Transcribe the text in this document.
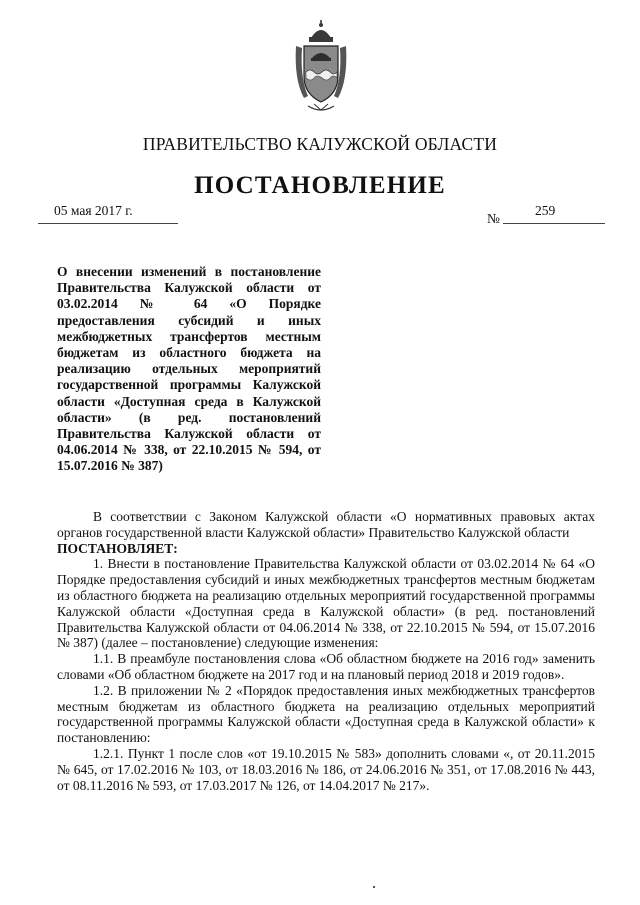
ПРАВИТЕЛЬСТВО КАЛУЖСКОЙ ОБЛАСТИ
ПОСТАНОВЛЕНИЕ
05 мая 2017 г.
№
259
О внесении изменений в постановление Правительства Калужской области от 03.02.2014 № 64 «О Порядке предоставления субсидий и иных межбюджетных трансфертов местным бюджетам из областного бюджета на реализацию отдельных мероприятий государственной программы Калужской области «Доступная среда в Калужской области» (в ред. постановлений Правительства Калужской области от 04.06.2014 № 338, от 22.10.2015 № 594, от 15.07.2016 № 387)

В соответствии с Законом Калужской области «О нормативных правовых актах органов государственной власти Калужской области» Правительство Калужской области

ПОСТАНОВЛЯЕТ:

1. Внести в постановление Правительства Калужской области от 03.02.2014 № 64 «О Порядке предоставления субсидий и иных межбюджетных трансфертов местным бюджетам из областного бюджета на реализацию отдельных мероприятий государственной программы Калужской области «Доступная среда в Калужской области» (в ред. постановлений Правительства Калужской области от 04.06.2014 № 338, от 22.10.2015 № 594, от 15.07.2016 № 387) (далее – постановление) следующие изменения:

1.1. В преамбуле постановления слова «Об областном бюджете на 2016 год» заменить словами «Об областном бюджете на 2017 год и на плановый период 2018 и 2019 годов».

1.2. В приложении № 2 «Порядок предоставления иных межбюджетных трансфертов местным бюджетам из областного бюджета на реализацию отдельных мероприятий государственной программы Калужской области «Доступная среда в Калужской области» к постановлению:

1.2.1. Пункт 1 после слов «от 19.10.2015 № 583» дополнить словами «, от 20.11.2015 № 645, от 17.02.2016 № 103, от 18.03.2016 № 186, от 24.06.2016 № 351, от 17.08.2016 № 443, от 08.11.2016 № 593, от 17.03.2017 № 126, от 14.04.2017 № 217».
